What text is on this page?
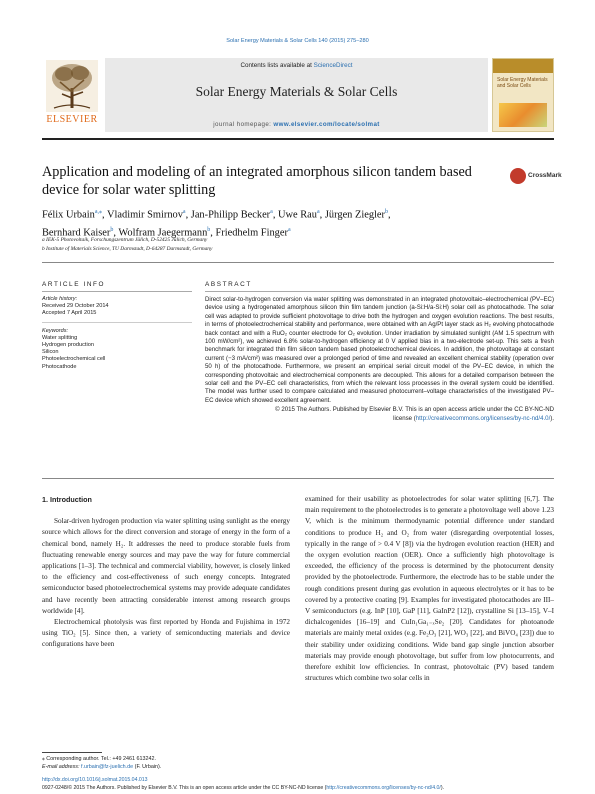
Solar Energy Materials & Solar Cells 140 (2015) 275–280
ELSEVIER
Contents lists available at ScienceDirect
Solar Energy Materials & Solar Cells
journal homepage: www.elsevier.com/locate/solmat
Solar Energy Materials and Solar Cells
Application and modeling of an integrated amorphous silicon tandem based device for solar water splitting
CrossMark
Félix Urbain$^{a,⁎}$, Vladimir Smirnov$^a$, Jan-Philipp Becker$^a$, Uwe Rau$^a$, Jürgen Ziegler$^b$,
Bernhard Kaiser$^b$, Wolfram Jaegermann$^b$, Friedhelm Finger$^a$
a IEK-5 Photovoltaik, Forschungszentrum Jülich, D-52425 Jülich, Germany
b Institute of Materials Science, TU Darmstadt, D-64287 Darmstadt, Germany
ARTICLE INFO	ABSTRACT
Article history:
Received 29 October 2014
Accepted 7 April 2015
Keywords:
Water splitting
Hydrogen production
Silicon
Photoelectrochemical cell
Photocathode
Direct solar-to-hydrogen conversion via water splitting was demonstrated in an integrated photovoltaic–electrochemical (PV–EC) device using a hydrogenated amorphous silicon thin film tandem junction (a-Si:H/a-Si:H) solar cell as photocathode. The solar cell was adapted to provide sufficient photovoltage to drive both the hydrogen and oxygen evolution reactions. The best results, in terms of photoelectrochemical stability and performance, were obtained with an Ag/Pt layer stack as H₂ evolving photocathode back contact and with a RuO₂ counter electrode for O₂ evolution. Under irradiation by simulated sunlight (AM 1.5 spectrum with 100 mW/cm²), we achieved 6.8% solar-to-hydrogen efficiency at 0 V applied bias in a two-electrode set-up. This sets a fresh benchmark for integrated thin film silicon tandem based photoelectrochemical devices. In addition, the photovoltage at constant current (−3 mA/cm²) was measured over a prolonged period of time and revealed an excellent chemical stability (operation over 50 h) of the photocathode. Furthermore, we present an empirical serial circuit model of the PV–EC device, in which the corresponding photovoltaic and electrochemical components are decoupled. This allows for a detailed comparison between the solar cell and the PV–EC cell characteristics, from which the relevant loss processes in the overall system could be identified. The model was further used to compare calculated and measured photocurrent–voltage characteristics of the investigated PV–EC device which showed excellent agreement.
© 2015 The Authors. Published by Elsevier B.V. This is an open access article under the CC BY-NC-ND
license (http://creativecommons.org/licenses/by-nc-nd/4.0/).
1. Introduction

Solar-driven hydrogen production via water splitting using sunlight as the energy source which allows for the direct conversion and storage of energy in the form of a chemical bond, namely H₂. It addresses the need to produce storable fuels from fluctuating renewable energy sources and may pave the way for future commercial applications [1–3]. The technical and commercial viability, however, is closely linked to the efficiency and cost-effectiveness of such energy concepts. Integrated semiconductor based photoelectrochemical systems may provide adequate candidates and have recently been attracting considerable interest among research groups worldwide [4].

Electrochemical photolysis was first reported by Honda and Fujishima in 1972 using TiO₂ [5]. Since then, a variety of semiconducting materials and device configurations have been

examined for their usability as photoelectrodes for solar water splitting [6,7]. The main requirement to the photoelectrodes is to generate a photovoltage well above 1.23 V, which is the minimum thermodynamic potential difference under standard conditions to produce H₂ and O₂ from water (disregarding overpotential losses, typically in the range of > 0.4 V [8]) via the hydrogen evolution reaction (HER) and the oxygen evolution reaction (OER). Once a sufficiently high photovoltage is exceeded, the efficiency of the process is determined by the photocurrent density provided by the photoelectrode. Furthermore, the electrode has to be stable under the rough conditions present during gas evolution in aqueous electrolytes or it has to be covered by a protective coating [9]. Examples for investigated photocathodes are III–V semiconductors (e.g. InP [10], GaP [11], GaInP2 [12]), crystalline Si [13–15], V–I dichalcogenides [16–19] and CuIn₁Ga₁₋ₓSe₂ [20]. Candidates for photoanode materials are mainly metal oxides (e.g. Fe₂O₃ [21], WO₃ [22], and BiVO₄ [23]) due to their stability under oxidizing conditions. Wide band gap single junction absorber materials may provide enough photovoltage, but suffer from low photocurrents, and therefore exhibit low efficiencies. In contrast, photovoltaic (PV) based tandem structures which combine two solar cells in

⁎ Corresponding author. Tel.: +49 2461 613242.
E-mail address: f.urbain@fz-juelich.de (F. Urbain).
http://dx.doi.org/10.1016/j.solmat.2015.04.013
0927-0248/© 2015 The Authors. Published by Elsevier B.V. This is an open access article under the CC BY-NC-ND license (http://creativecommons.org/licenses/by-nc-nd/4.0/).
